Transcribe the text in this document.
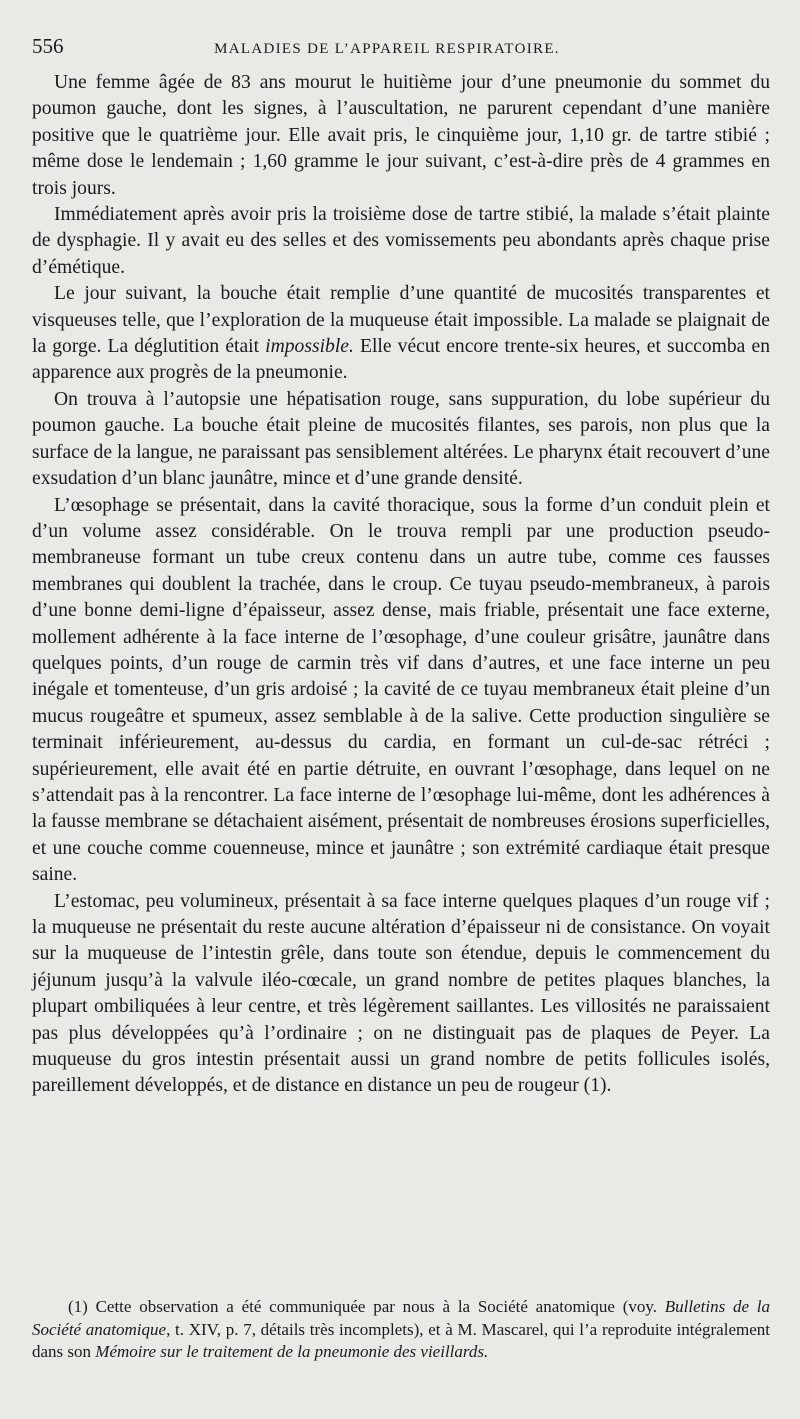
556	MALADIES DE L’APPAREIL RESPIRATOIRE.

Une femme âgée de 83 ans mourut le huitième jour d’une pneumonie du sommet du poumon gauche, dont les signes, à l’auscultation, ne parurent cependant d’une manière positive que le quatrième jour. Elle avait pris, le cinquième jour, 1,10 gr. de tartre stibié ; même dose le lendemain ; 1,60 gramme le jour suivant, c’est-à-dire près de 4 grammes en trois jours.

Immédiatement après avoir pris la troisième dose de tartre stibié, la malade s’était plainte de dysphagie. Il y avait eu des selles et des vomissements peu abondants après chaque prise d’émétique.

Le jour suivant, la bouche était remplie d’une quantité de mucosités transparentes et visqueuses telle, que l’exploration de la muqueuse était impossible. La malade se plaignait de la gorge. La déglutition était impossible. Elle vécut encore trente-six heures, et succomba en apparence aux progrès de la pneumonie.

On trouva à l’autopsie une hépatisation rouge, sans suppuration, du lobe supérieur du poumon gauche. La bouche était pleine de mucosités filantes, ses parois, non plus que la surface de la langue, ne paraissant pas sensiblement altérées. Le pharynx était recouvert d’une exsudation d’un blanc jaunâtre, mince et d’une grande densité.

L’œsophage se présentait, dans la cavité thoracique, sous la forme d’un conduit plein et d’un volume assez considérable. On le trouva rempli par une production pseudo-membraneuse formant un tube creux contenu dans un autre tube, comme ces fausses membranes qui doublent la trachée, dans le croup. Ce tuyau pseudo-membraneux, à parois d’une bonne demi-ligne d’épaisseur, assez dense, mais friable, présentait une face externe, mollement adhérente à la face interne de l’œsophage, d’une couleur grisâtre, jaunâtre dans quelques points, d’un rouge de carmin très vif dans d’autres, et une face interne un peu inégale et tomenteuse, d’un gris ardoisé ; la cavité de ce tuyau membraneux était pleine d’un mucus rougeâtre et spumeux, assez semblable à de la salive. Cette production singulière se terminait inférieurement, au-dessus du cardia, en formant un cul-de-sac rétréci ; supérieurement, elle avait été en partie détruite, en ouvrant l’œsophage, dans lequel on ne s’attendait pas à la rencontrer. La face interne de l’œsophage lui-même, dont les adhérences à la fausse membrane se détachaient aisément, présentait de nombreuses érosions superficielles, et une couche comme couenneuse, mince et jaunâtre ; son extrémité cardiaque était presque saine.

L’estomac, peu volumineux, présentait à sa face interne quelques plaques d’un rouge vif ; la muqueuse ne présentait du reste aucune altération d’épaisseur ni de consistance. On voyait sur la muqueuse de l’intestin grêle, dans toute son étendue, depuis le commencement du jéjunum jusqu’à la valvule iléo-cœcale, un grand nombre de petites plaques blanches, la plupart ombiliquées à leur centre, et très légèrement saillantes. Les villosités ne paraissaient pas plus développées qu’à l’ordinaire ; on ne distinguait pas de plaques de Peyer. La muqueuse du gros intestin présentait aussi un grand nombre de petits follicules isolés, pareillement développés, et de distance en distance un peu de rougeur (1).

(1) Cette observation a été communiquée par nous à la Société anatomique (voy. Bulletins de la Société anatomique, t. XIV, p. 7, détails très incomplets), et à M. Mascarel, qui l’a reproduite intégralement dans son Mémoire sur le traitement de la pneumonie des vieillards.
